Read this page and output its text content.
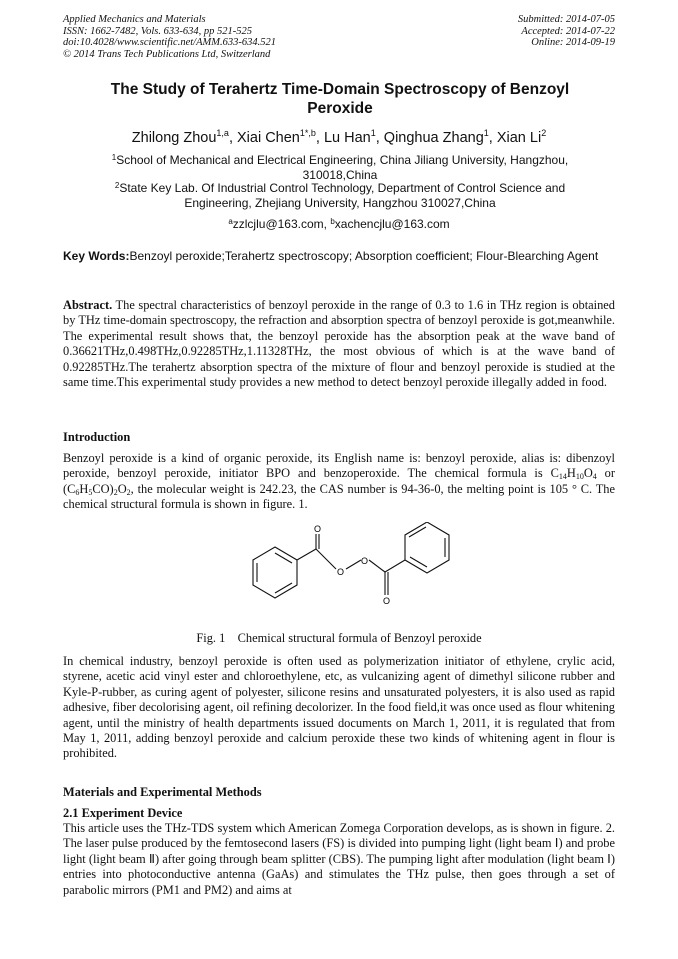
Applied Mechanics and Materials
ISSN: 1662-7482, Vols. 633-634, pp 521-525
doi:10.4028/www.scientific.net/AMM.633-634.521
© 2014 Trans Tech Publications Ltd, Switzerland
Submitted: 2014-07-05
Accepted: 2014-07-22
Online: 2014-09-19
The Study of Terahertz Time-Domain Spectroscopy of Benzoyl
Peroxide
Zhilong Zhou$^{1,a}$, Xiai Chen$^{1*,b}$, Lu Han$^1$, Qinghua Zhang$^1$, Xian Li$^2$
$^1$School of Mechanical and Electrical Engineering, China Jiliang University, Hangzhou,
310018,China
$^2$State Key Lab. Of Industrial Control Technology, Department of Control Science and
Engineering, Zhejiang University, Hangzhou 310027,China
$^a$zzlcjlu@163.com, $^b$xachencjlu@163.com
Key Words:Benzoyl peroxide;Terahertz spectroscopy; Absorption coefficient; Flour-Blearching Agent
Abstract. The spectral characteristics of benzoyl peroxide in the range of 0.3 to 1.6 in THz region is obtained by THz time-domain spectroscopy, the refraction and absorption spectra of benzoyl peroxide is got,meanwhile. The experimental result shows that, the benzoyl peroxide has the absorption peak at the wave band of 0.36621THz,0.498THz,0.92285THz,1.11328THz, the most obvious of which is at the wave band of 0.92285THz.The terahertz absorption spectra of the mixture of flour and benzoyl peroxide is studied at the same time.This experimental study provides a new method to detect benzoyl peroxide illegally added in food.
Introduction
Benzoyl peroxide is a kind of organic peroxide, its English name is: benzoyl peroxide, alias is: dibenzoyl peroxide, benzoyl peroxide, initiator BPO and benzoperoxide. The chemical formula is $C_{14}H_{10}O_4$ or $(C_6H_5CO)_2O_2$, the molecular weight is 242.23, the CAS number is 94-36-0, the melting point is 105 ° C. The chemical structural formula is shown in figure. 1.
O
O
O
O
Fig. 1    Chemical structural formula of Benzoyl peroxide
In chemical industry, benzoyl peroxide is often used as polymerization initiator of ethylene, crylic acid, styrene, acetic acid vinyl ester and chloroethylene, etc, as vulcanizing agent of dimethyl silicone rubber and Kyle-P-rubber, as curing agent of polyester, silicone resins and unsaturated polyesters, it is also used as rapid adhesive, fiber decolorising agent, oil refining decolorizer. In the food field,it was once used as flour whitening agent, until the ministry of health departments issued documents on March 1, 2011, it is regulated that from May 1, 2011, adding benzoyl peroxide and calcium peroxide these two kinds of whitening agent in flour is prohibited.
Materials and Experimental Methods
2.1 Experiment Device
This article uses the THz-TDS system which American Zomega Corporation develops, as is shown in figure. 2. The laser pulse produced by the femtosecond lasers (FS) is divided into pumping light (light beam Ⅰ) and probe light (light beam Ⅱ) after going through beam splitter (CBS). The pumping light after modulation (light beam Ⅰ) entries into photoconductive antenna (GaAs) and stimulates the THz pulse, then goes through a set of parabolic mirrors (PM1 and PM2) and aims at
